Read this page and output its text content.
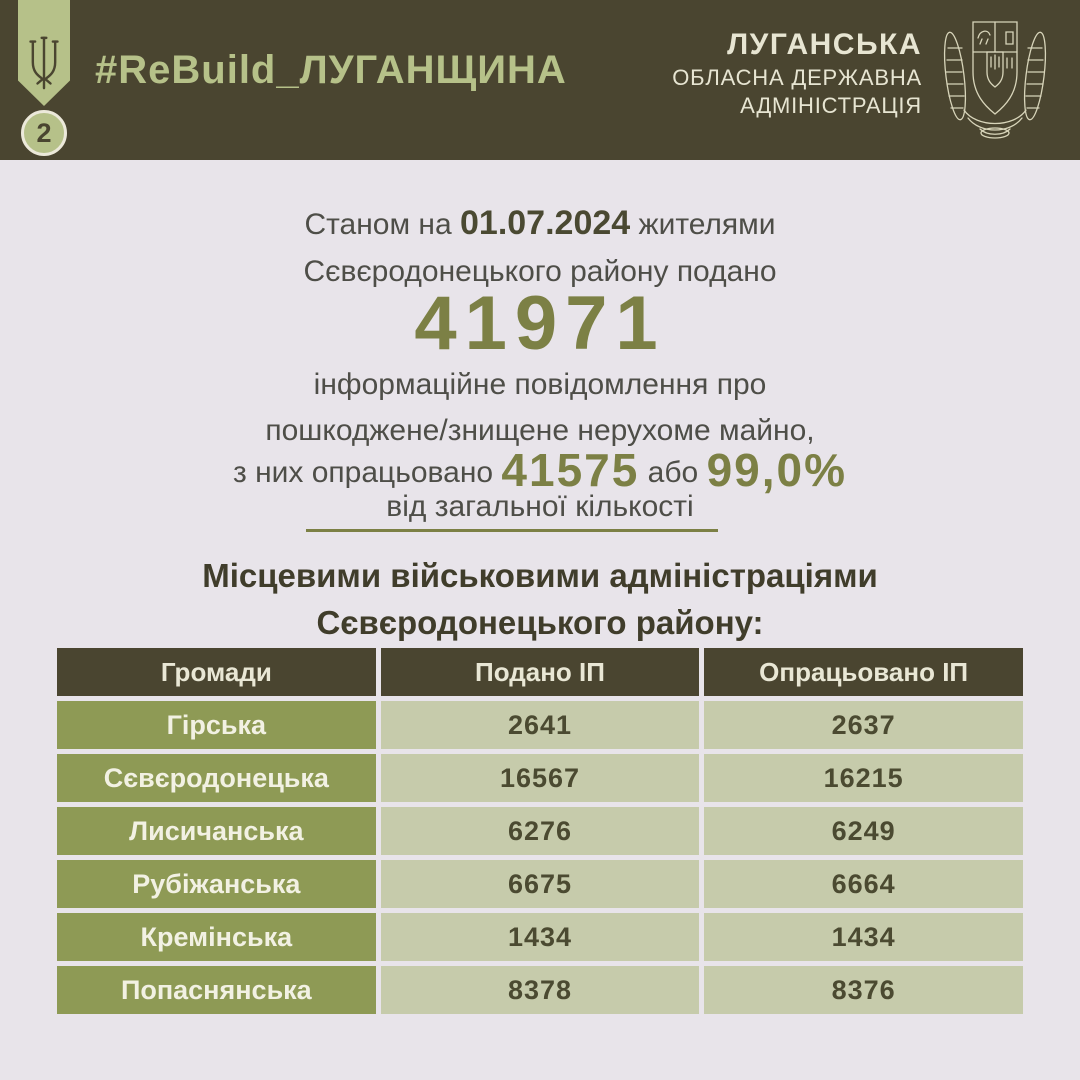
2
#ReBuild_ЛУГАНЩИНА
ЛУГАНСЬКА
ОБЛАСНА ДЕРЖАВНА
АДМІНІСТРАЦІЯ
Станом на 01.07.2024 жителями
Сєвєродонецького району подано
41971
інформаційне повідомлення про
пошкоджене/знищене нерухоме майно,
з них опрацьовано 41575 або 99,0%
від загальної кількості
Місцевими військовими адміністраціями
Сєвєродонецького району:
Громади	Подано ІП	Опрацьовано ІП
Гірська	2641	2637
Сєвєродонецька	16567	16215
Лисичанська	6276	6249
Рубіжанська	6675	6664
Кремінська	1434	1434
Попаснянська	8378	8376
